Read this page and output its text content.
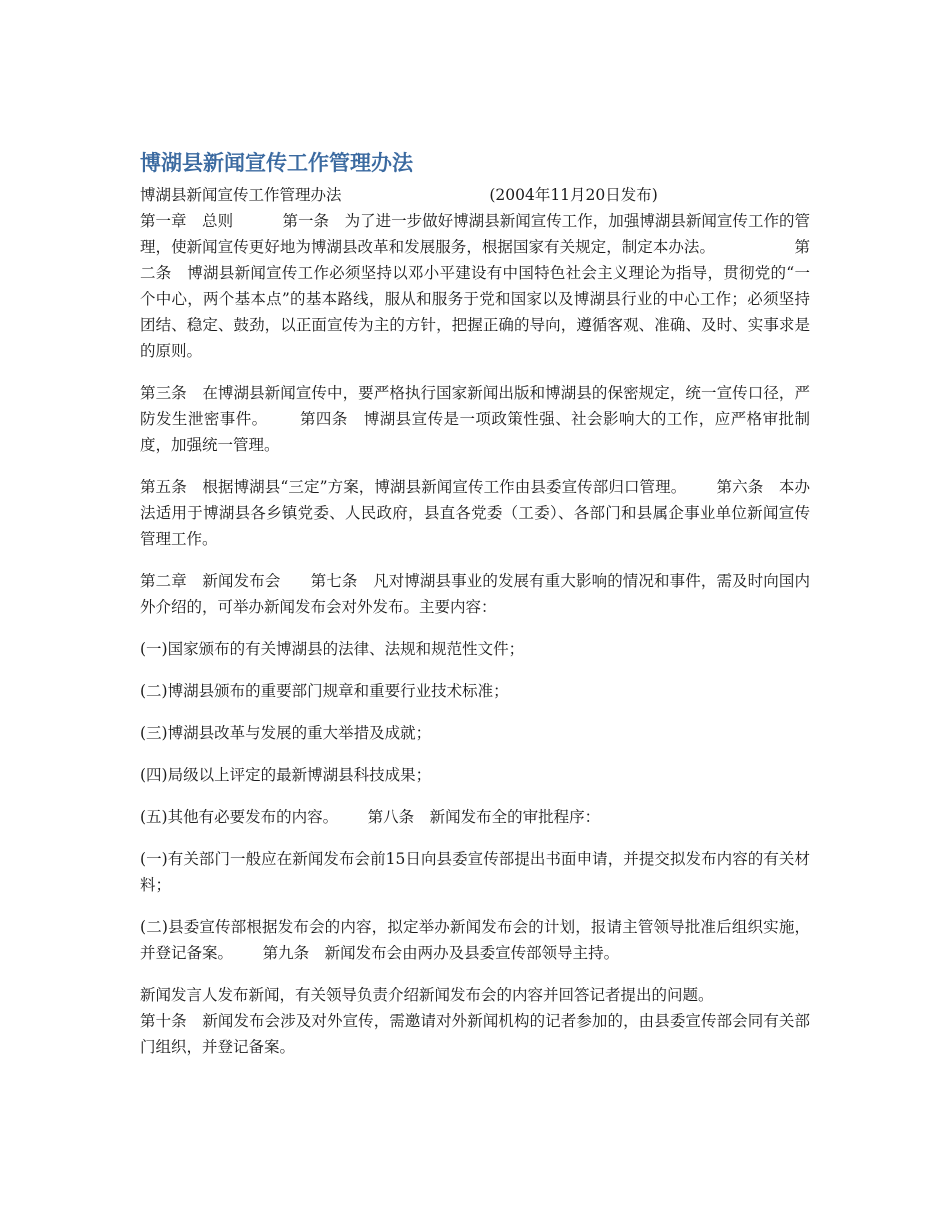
博湖县新闻宣传工作管理办法
博湖县新闻宣传工作管理办法	(2004年11月20日发布)
第一章　总则	第一条　为了进一步做好博湖县新闻宣传工作，加强博湖县新闻宣传工作的管理，使新闻宣传更好地为博湖县改革和发展服务，根据国家有关规定，制定本办法。	第二条　博湖县新闻宣传工作必须坚持以邓小平建设有中国特色社会主义理论为指导，贯彻党的“一个中心，两个基本点”的基本路线，服从和服务于党和国家以及博湖县行业的中心工作；必须坚持团结、稳定、鼓劲，以正面宣传为主的方针，把握正确的导向，遵循客观、准确、及时、实事求是的原则。
第三条　在博湖县新闻宣传中，要严格执行国家新闻出版和博湖县的保密规定，统一宣传口径，严防发生泄密事件。 第四条　博湖县宣传是一项政策性强、社会影响大的工作，应严格审批制度，加强统一管理。
第五条　根据博湖县“三定”方案，博湖县新闻宣传工作由县委宣传部归口管理。 第六条　本办法适用于博湖县各乡镇党委、人民政府，县直各党委（工委）、各部门和县属企事业单位新闻宣传管理工作。
第二章　新闻发布会 第七条　凡对博湖县事业的发展有重大影响的情况和事件，需及时向国内外介绍的，可举办新闻发布会对外发布。主要内容：
(一)国家颁布的有关博湖县的法律、法规和规范性文件；
(二)博湖县颁布的重要部门规章和重要行业技术标准；
(三)博湖县改革与发展的重大举措及成就；
(四)局级以上评定的最新博湖县科技成果；
(五)其他有必要发布的内容。 第八条　新闻发布全的审批程序：
(一)有关部门一般应在新闻发布会前15日向县委宣传部提出书面申请，并提交拟发布内容的有关材料；
(二)县委宣传部根据发布会的内容，拟定举办新闻发布会的计划，报请主管领导批准后组织实施，并登记备案。 第九条　新闻发布会由两办及县委宣传部领导主持。
新闻发言人发布新闻，有关领导负责介绍新闻发布会的内容并回答记者提出的问题。
第十条　新闻发布会涉及对外宣传，需邀请对外新闻机构的记者参加的，由县委宣传部会同有关部门组织，并登记备案。
